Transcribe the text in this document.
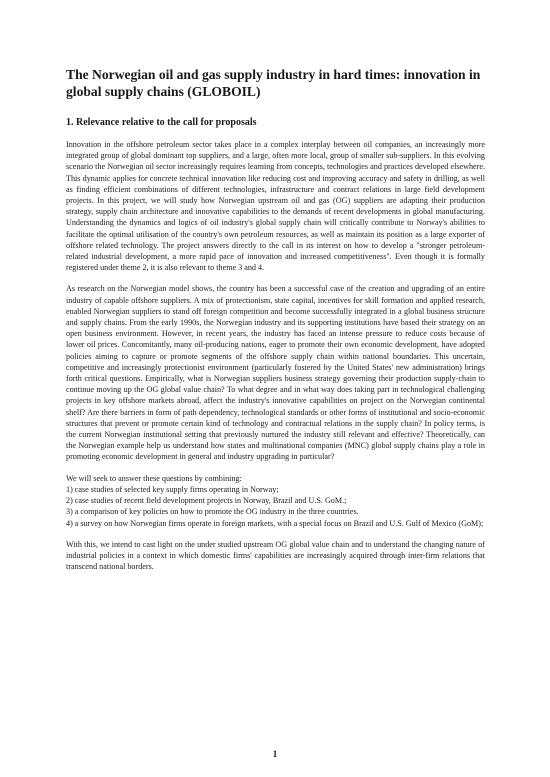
The Norwegian oil and gas supply industry in hard times: innovation in global supply chains (GLOBOIL)
1. Relevance relative to the call for proposals

Innovation in the offshore petroleum sector takes place in a complex interplay between oil companies, an increasingly more integrated group of global dominant top suppliers, and a large, often more local, group of smaller sub-suppliers. In this evolving scenario the Norwegian oil sector increasingly requires learning from concepts, technologies and practices developed elsewhere. This dynamic applies for concrete technical innovation like reducing cost and improving accuracy and safety in drilling, as well as finding efficient combinations of different technologies, infrastructure and contract relations in large field development projects. In this project, we will study how Norwegian upstream oil and gas (OG) suppliers are adapting their production strategy, supply chain architecture and innovative capabilities to the demands of recent developments in global manufacturing. Understanding the dynamics and logics of oil industry's global supply chain will critically contribute to Norway's abilities to facilitate the optimal utilisation of the country's own petroleum resources, as well as maintain its position as a large exporter of offshore related technology. The project answers directly to the call in its interest on how to develop a "stronger petroleum-related industrial development, a more rapid pace of innovation and increased competitiveness". Even though it is formally registered under theme 2, it is also relevant to theme 3 and 4.

As research on the Norwegian model shows, the country has been a successful case of the creation and upgrading of an entire industry of capable offshore suppliers. A mix of protectionism, state capital, incentives for skill formation and applied research, enabled Norwegian suppliers to stand off foreign competition and become successfully integrated in a global business structure and supply chains. From the early 1990s, the Norwegian industry and its supporting institutions have based their strategy on an open business environment. However, in recent years, the industry has faced an intense pressure to reduce costs because of lower oil prices. Concomitantly, many oil-producing nations, eager to promote their own economic development, have adopted policies aiming to capture or promote segments of the offshore supply chain within national boundaries. This uncertain, competitive and increasingly protectionist environment (particularly fostered by the United States' new administration) brings forth critical questions. Empirically, what is Norwegian suppliers business strategy governing their production supply-chain to continue moving up the OG global value chain? To what degree and in what way does taking part in technological challenging projects in key offshore markets abroad, affect the industry's innovative capabilities on project on the Norwegian continental shelf? Are there barriers in form of path dependency, technological standards or other forms of institutional and socio-economic structures that prevent or promote certain kind of technology and contractual relations in the supply chain? In policy terms, is the current Norwegian institutional setting that previously nurtured the industry still relevant and effective? Theoretically, can the Norwegian example help us understand how states and multinational companies (MNC) global supply chains play a role in promoting economic development in general and industry upgrading in particular?

We will seek to answer these questions by combining:

1) case studies of selected key supply firms operating in Norway;
2) case studies of recent field development projects in Norway, Brazil and U.S. GoM.;
3) a comparison of key policies on how to promote the OG industry in the three countries.
4) a survey on how Norwegian firms operate in foreign markets, with a special focus on Brazil and U.S. Gulf of Mexico (GoM);

With this, we intend to cast light on the under studied upstream OG global value chain and to understand the changing nature of industrial policies in a context in which domestic firms' capabilities are increasingly acquired through inter-firm relations that transcend national borders.

1
